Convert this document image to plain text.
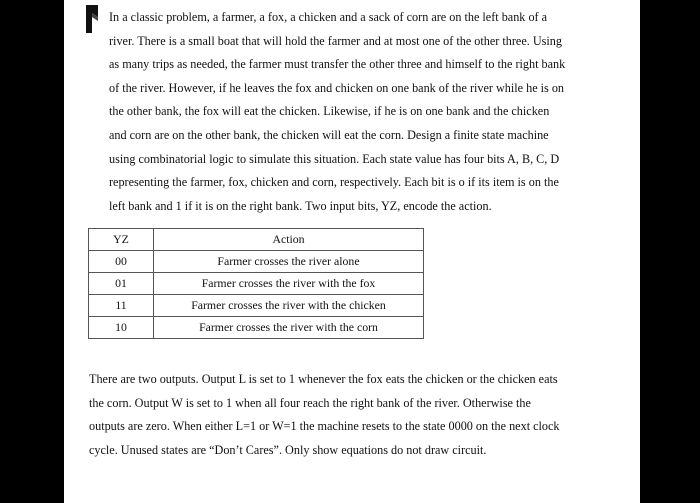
In a classic problem, a farmer, a fox, a chicken and a sack of corn are on the left bank of a
river. There is a small boat that will hold the farmer and at most one of the other three. Using
as many trips as needed, the farmer must transfer the other three and himself to the right bank
of the river. However, if he leaves the fox and chicken on one bank of the river while he is on
the other bank, the fox will eat the chicken. Likewise, if he is on one bank and the chicken
and corn are on the other bank, the chicken will eat the corn. Design a finite state machine
using combinatorial logic to simulate this situation. Each state value has four bits A, B, C, D
representing the farmer, fox, chicken and corn, respectively. Each bit is o if its item is on the
left bank and 1 if it is on the right bank. Two input bits, YZ, encode the action.
YZ	Action
00	Farmer crosses the river alone
01	Farmer crosses the river with the fox
11	Farmer crosses the river with the chicken
10	Farmer crosses the river with the corn
There are two outputs. Output L is set to 1 whenever the fox eats the chicken or the chicken eats
the corn. Output W is set to 1 when all four reach the right bank of the river. Otherwise the
outputs are zero. When either L=1 or W=1 the machine resets to the state 0000 on the next clock
cycle. Unused states are “Don’t Cares”. Only show equations do not draw circuit.
